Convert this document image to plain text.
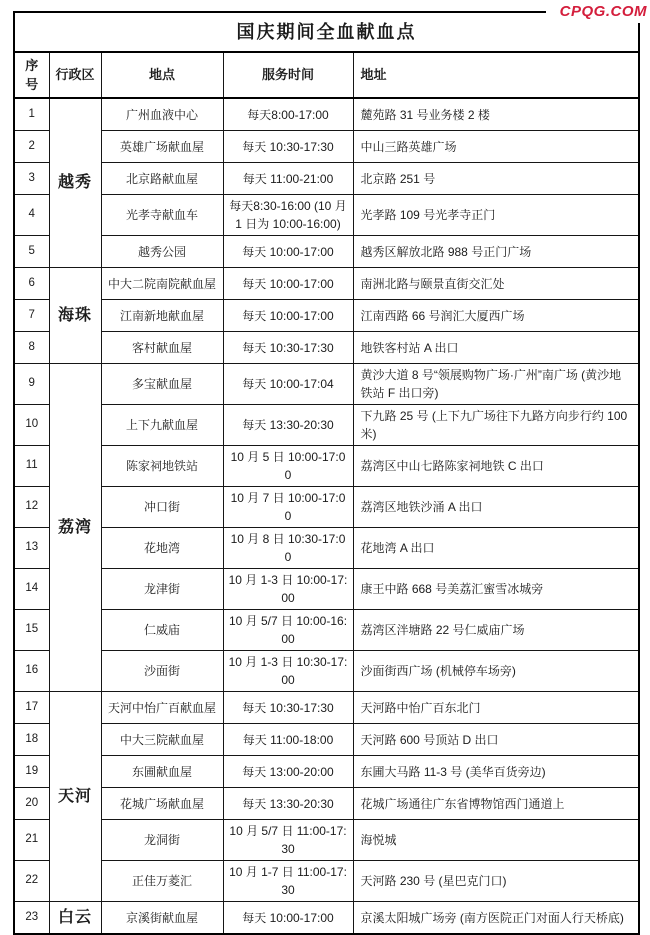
CPQG.COM
国庆期间全血献血点				
序号	行政区	地点	服务时间	地址
1	越秀	广州血液中心	每天8:00-17:00	麓苑路 31 号业务楼 2 楼
2		英雄广场献血屋	每天 10:30-17:30	中山三路英雄广场
3		北京路献血屋	每天 11:00-21:00	北京路 251 号
4		光孝寺献血车	每天8:30-16:00 (10 月 1 日为 10:00-16:00)	光孝路 109 号光孝寺正门
5		越秀公园	每天 10:00-17:00	越秀区解放北路 988 号正门广场
6	海珠	中大二院南院献血屋	每天 10:00-17:00	南洲北路与颐景直街交汇处
7		江南新地献血屋	每天 10:00-17:00	江南西路 66 号润汇大厦西广场
8		客村献血屋	每天 10:30-17:30	地铁客村站 A 出口
9	荔湾	多宝献血屋	每天 10:00-17:04	黄沙大道 8 号“领展购物广场·广州”南广场 (黄沙地铁站 F 出口旁)
10		上下九献血屋	每天 13:30-20:30	下九路 25 号 (上下九广场往下九路方向步行约 100 米)
11		陈家祠地铁站	10 月 5 日 10:00-17:00	荔湾区中山七路陈家祠地铁 C 出口
12		冲口街	10 月 7 日 10:00-17:00	荔湾区地铁沙涌 A 出口
13		花地湾	10 月 8 日 10:30-17:00	花地湾 A 出口
14		龙津街	10 月 1-3 日 10:00-17:00	康王中路 668 号美荔汇蜜雪冰城旁
15		仁威庙	10 月 5/7 日 10:00-16:00	荔湾区泮塘路 22 号仁威庙广场
16		沙面街	10 月 1-3 日 10:30-17:00	沙面街西广场 (机械停车场旁)
17	天河	天河中怡广百献血屋	每天 10:30-17:30	天河路中怡广百东北门
18		中大三院献血屋	每天 11:00-18:00	天河路 600 号顶站 D 出口
19		东圃献血屋	每天 13:00-20:00	东圃大马路 11-3 号 (美华百货旁边)
20		花城广场献血屋	每天 13:30-20:30	花城广场通往广东省博物馆西门通道上
21		龙洞街	10 月 5/7 日 11:00-17:30	海悦城
22		正佳万菱汇	10 月 1-7 日 11:00-17:30	天河路 230 号 (星巴克门口)
23	白云	京溪街献血屋	每天 10:00-17:00	京溪太阳城广场旁 (南方医院正门对面人行天桥底)
